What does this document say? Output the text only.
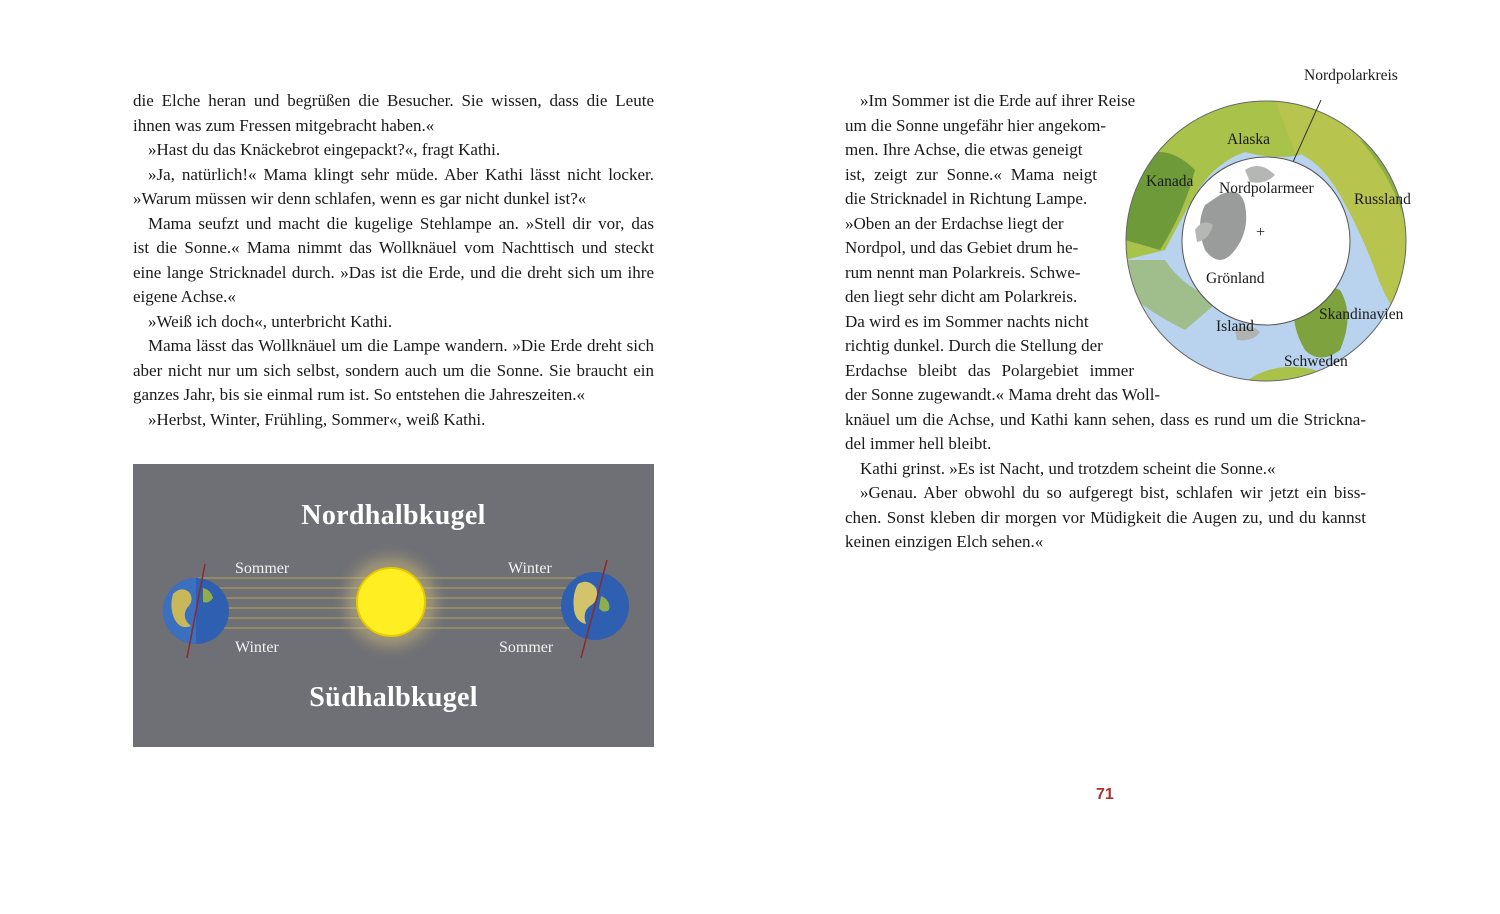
die Elche heran und begrüßen die Besucher. Sie wissen, dass die Leute
ihnen was zum Fressen mitgebracht haben.«
»Hast du das Knäckebrot eingepackt?«, fragt Kathi.
»Ja, natürlich!« Mama klingt sehr müde. Aber Kathi lässt nicht locker.
»Warum müssen wir denn schlafen, wenn es gar nicht dunkel ist?«
Mama seufzt und macht die kugelige Stehlampe an. »Stell dir vor, das
ist die Sonne.« Mama nimmt das Wollknäuel vom Nachttisch und steckt
eine lange Stricknadel durch. »Das ist die Erde, und die dreht sich um ihre
eigene Achse.«
»Weiß ich doch«, unterbricht Kathi.
Mama lässt das Wollknäuel um die Lampe wandern. »Die Erde dreht sich
aber nicht nur um sich selbst, sondern auch um die Sonne. Sie braucht ein
ganzes Jahr, bis sie einmal rum ist. So entstehen die Jahreszeiten.«
»Herbst, Winter, Frühling, Sommer«, weiß Kathi.
Nordhalbkugel
Südhalbkugel
Sommer
Winter
Winter
Sommer
»Im Sommer ist die Erde auf ihrer Reise
um die Sonne ungefähr hier angekom-
men. Ihre Achse, die etwas geneigt
ist, zeigt zur Sonne.« Mama neigt
die Stricknadel in Richtung Lampe.
»Oben an der Erdachse liegt der
Nordpol, und das Gebiet drum he-
rum nennt man Polarkreis. Schwe-
den liegt sehr dicht am Polarkreis.
Da wird es im Sommer nachts nicht
richtig dunkel. Durch die Stellung der
Erdachse bleibt das Polargebiet immer
der Sonne zugewandt.« Mama dreht das Woll-
knäuel um die Achse, und Kathi kann sehen, dass es rund um die Strickna-
del immer hell bleibt.
Kathi grinst. »Es ist Nacht, und trotzdem scheint die Sonne.«
»Genau. Aber obwohl du so aufgeregt bist, schlafen wir jetzt ein biss-
chen. Sonst kleben dir morgen vor Müdigkeit die Augen zu, und du kannst
keinen einzigen Elch sehen.«
+
Alaska
Kanada Nordpolarmeer
Russland
Grönland
Island
Skandinavien
Schweden
Nordpolarkreis
71
